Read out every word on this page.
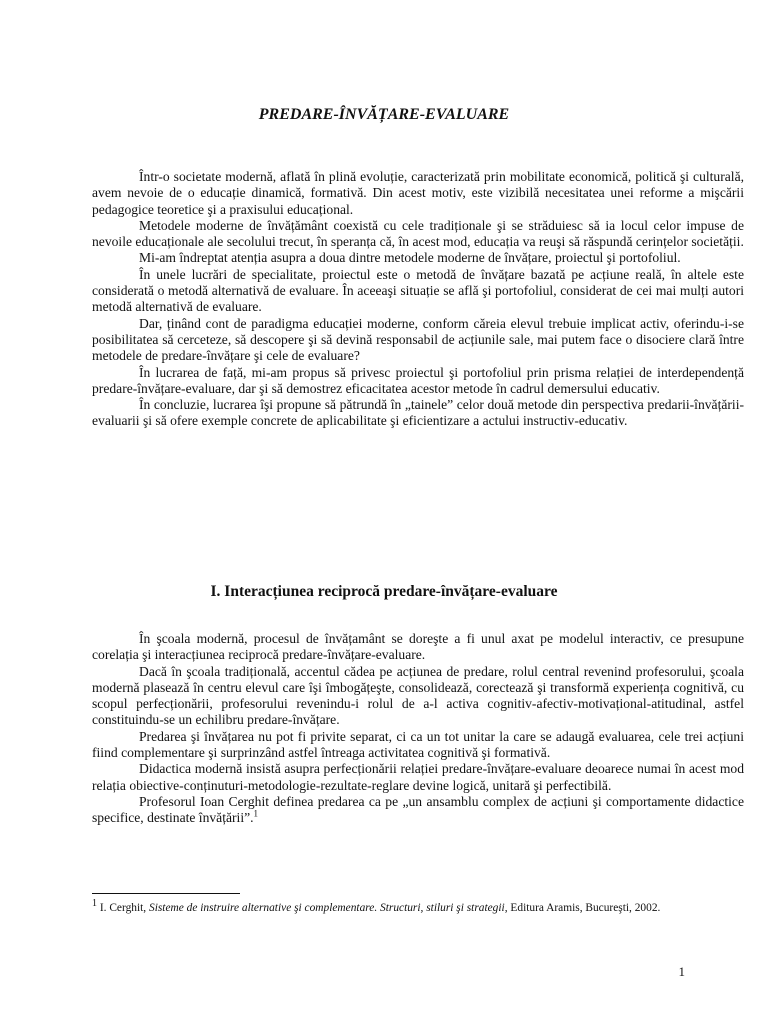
PREDARE-ÎNVĂȚARE-EVALUARE

Într-o societate modernă, aflată în plină evoluție, caracterizată prin mobilitate economică, politică şi culturală, avem nevoie de o educație dinamică, formativă. Din acest motiv, este vizibilă necesitatea unei reforme a mişcării pedagogice teoretice şi a praxisului educațional.

Metodele moderne de învățământ coexistă cu cele tradiționale şi se străduiesc să ia locul celor impuse de nevoile educaționale ale secolului trecut, în speranța că, în acest mod, educația va reuşi să răspundă cerințelor societății.

Mi-am îndreptat atenția asupra a doua dintre metodele moderne de învățare, proiectul şi portofoliul.

În unele lucrări de specialitate, proiectul este o metodă de învățare bazată pe acțiune reală, în altele este considerată o metodă alternativă de evaluare. În aceeaşi situație se află şi portofoliul, considerat de cei mai mulți autori metodă alternativă de evaluare.

Dar, ținând cont de paradigma educației moderne, conform căreia elevul trebuie implicat activ, oferindu-i-se posibilitatea să cerceteze, să descopere şi să devină responsabil de acțiunile sale, mai putem face o disociere clară între metodele de predare-învățare şi cele de evaluare?

În lucrarea de față, mi-am propus să privesc proiectul şi portofoliul prin prisma relației de interdependență predare-învățare-evaluare, dar şi să demostrez eficacitatea acestor metode în cadrul demersului educativ.

În concluzie, lucrarea îşi propune să pătrundă în „tainele” celor două metode din perspectiva predarii-învățării-evaluarii şi să ofere exemple concrete de aplicabilitate şi eficientizare a actului instructiv-educativ.

I. Interacțiunea reciprocă predare-învățare-evaluare

În şcoala modernă, procesul de învățamânt se doreşte a fi unul axat pe modelul interactiv, ce presupune corelația şi interacțiunea reciprocă predare-învățare-evaluare.

Dacă în şcoala tradițională, accentul cădea pe acțiunea de predare, rolul central revenind profesorului, şcoala modernă plasează în centru elevul care îşi îmbogățeşte, consolidează, corectează şi transformă experiența cognitivă, cu scopul perfecționării, profesorului revenindu-i rolul de a-l activa cognitiv-afectiv-motivațional-atitudinal, astfel constituindu-se un echilibru predare-învățare.

Predarea şi învățarea nu pot fi privite separat, ci ca un tot unitar la care se adaugă evaluarea, cele trei acțiuni fiind complementare şi surprinzând astfel întreaga activitatea cognitivă şi formativă.

Didactica modernă insistă asupra perfecționării relației predare-învățare-evaluare deoarece numai în acest mod relația obiective-conținuturi-metodologie-rezultate-reglare devine logică, unitară şi perfectibilă.

Profesorul Ioan Cerghit definea predarea ca pe „un ansamblu complex de acțiuni şi comportamente didactice specifice, destinate învățării”.$^1$

1 I. Cerghit, Sisteme de instruire alternative şi complementare. Structuri, stiluri şi strategii, Editura Aramis, Bucureşti, 2002.
1
